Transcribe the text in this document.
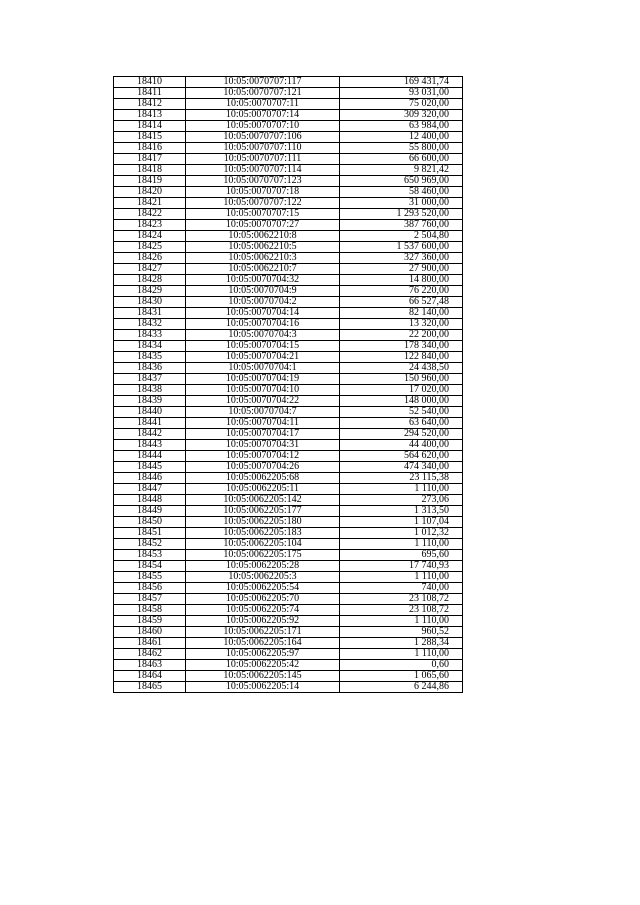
18410	10:05:0070707:117	169 431,74
18411	10:05:0070707:121	93 031,00
18412	10:05:0070707:11	75 020,00
18413	10:05:0070707:14	309 320,00
18414	10:05:0070707:10	63 984,00
18415	10:05:0070707:106	12 400,00
18416	10:05:0070707:110	55 800,00
18417	10:05:0070707:111	66 600,00
18418	10:05:0070707:114	9 821,42
18419	10:05:0070707:123	650 969,00
18420	10:05:0070707:18	58 460,00
18421	10:05:0070707:122	31 000,00
18422	10:05:0070707:15	1 293 520,00
18423	10:05:0070707:27	387 760,00
18424	10:05:0062210:8	2 504,80
18425	10:05:0062210:5	1 537 600,00
18426	10:05:0062210:3	327 360,00
18427	10:05:0062210:7	27 900,00
18428	10:05:0070704:32	14 800,00
18429	10:05:0070704:9	76 220,00
18430	10:05:0070704:2	66 527,48
18431	10:05:0070704:14	82 140,00
18432	10:05:0070704:16	13 320,00
18433	10:05:0070704:3	22 200,00
18434	10:05:0070704:15	178 340,00
18435	10:05:0070704:21	122 840,00
18436	10:05:0070704:1	24 438,50
18437	10:05:0070704:19	150 960,00
18438	10:05:0070704:10	17 020,00
18439	10:05:0070704:22	148 000,00
18440	10:05:0070704:7	52 540,00
18441	10:05:0070704:11	63 640,00
18442	10:05:0070704:17	294 520,00
18443	10:05:0070704:31	44 400,00
18444	10:05:0070704:12	564 620,00
18445	10:05:0070704:26	474 340,00
18446	10:05:0062205:68	23 115,38
18447	10:05:0062205:11	1 110,00
18448	10:05:0062205:142	273,06
18449	10:05:0062205:177	1 313,50
18450	10:05:0062205:180	1 107,04
18451	10:05:0062205:183	1 012,32
18452	10:05:0062205:104	1 110,00
18453	10:05:0062205:175	695,60
18454	10:05:0062205:28	17 740,93
18455	10:05:0062205:3	1 110,00
18456	10:05:0062205:54	740,00
18457	10:05:0062205:70	23 108,72
18458	10:05:0062205:74	23 108,72
18459	10:05:0062205:92	1 110,00
18460	10:05:0062205:171	960,52
18461	10:05:0062205:164	1 288,34
18462	10:05:0062205:97	1 110,00
18463	10:05:0062205:42	0,60
18464	10:05:0062205:145	1 065,60
18465	10:05:0062205:14	6 244,86
